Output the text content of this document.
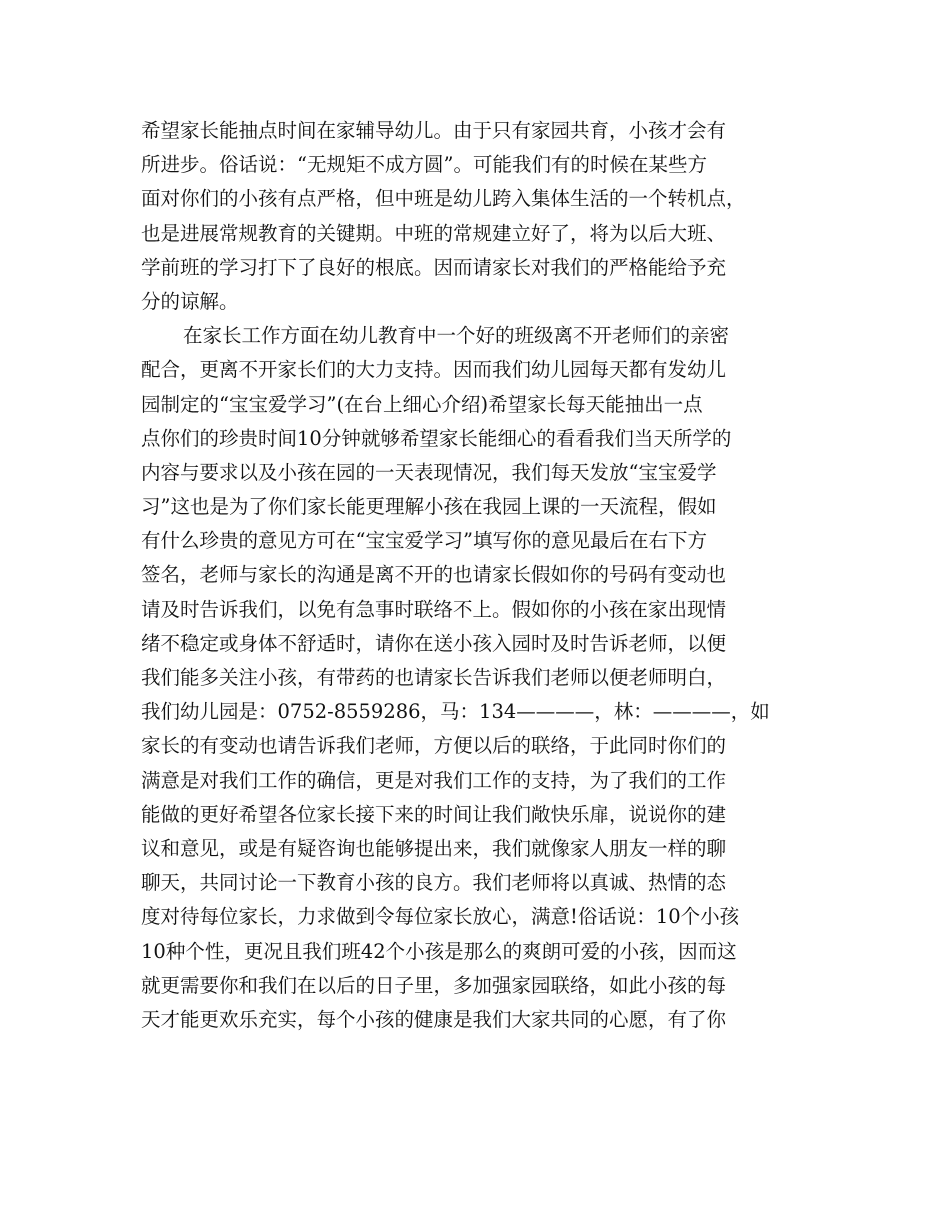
希望家长能抽点时间在家辅导幼儿。由于只有家园共育，小孩才会有
所进步。俗话说：“无规矩不成方圆”。可能我们有的时候在某些方
面对你们的小孩有点严格，但中班是幼儿跨入集体生活的一个转机点，
也是进展常规教育的关键期。中班的常规建立好了，将为以后大班、
学前班的学习打下了良好的根底。因而请家长对我们的严格能给予充
分的谅解。
在家长工作方面在幼儿教育中一个好的班级离不开老师们的亲密
配合，更离不开家长们的大力支持。因而我们幼儿园每天都有发幼儿
园制定的“宝宝爱学习”(在台上细心介绍)希望家长每天能抽出一点
点你们的珍贵时间10分钟就够希望家长能细心的看看我们当天所学的
内容与要求以及小孩在园的一天表现情况，我们每天发放“宝宝爱学
习”这也是为了你们家长能更理解小孩在我园上课的一天流程，假如
有什么珍贵的意见方可在“宝宝爱学习”填写你的意见最后在右下方
签名，老师与家长的沟通是离不开的也请家长假如你的号码有变动也
请及时告诉我们，以免有急事时联络不上。假如你的小孩在家出现情
绪不稳定或身体不舒适时，请你在送小孩入园时及时告诉老师，以便
我们能多关注小孩，有带药的也请家长告诉我们老师以便老师明白，
我们幼儿园是：0752-8559286，马：134————，林：————，如
家长的有变动也请告诉我们老师，方便以后的联络，于此同时你们的
满意是对我们工作的确信，更是对我们工作的支持，为了我们的工作
能做的更好希望各位家长接下来的时间让我们敞快乐扉，说说你的建
议和意见，或是有疑咨询也能够提出来，我们就像家人朋友一样的聊
聊天，共同讨论一下教育小孩的良方。我们老师将以真诚、热情的态
度对待每位家长，力求做到令每位家长放心，满意!俗话说：10个小孩
10种个性，更况且我们班42个小孩是那么的爽朗可爱的小孩，因而这
就更需要你和我们在以后的日子里，多加强家园联络，如此小孩的每
天才能更欢乐充实，每个小孩的健康是我们大家共同的心愿，有了你
